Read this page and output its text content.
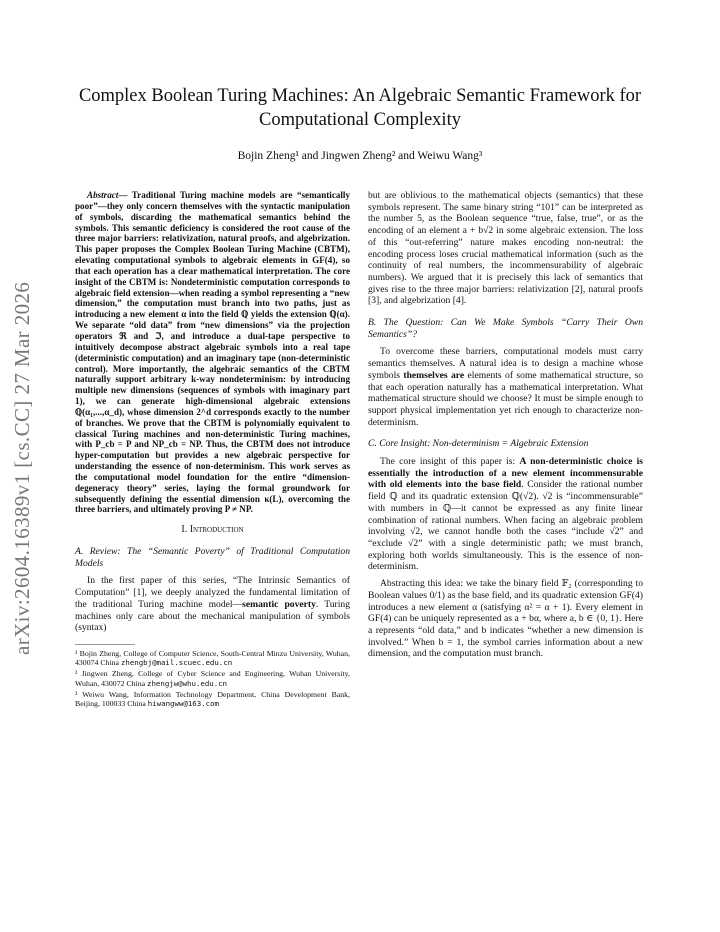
arXiv:2604.16389v1 [cs.CC] 27 Mar 2026
Complex Boolean Turing Machines: An Algebraic Semantic Framework for Computational Complexity
Bojin Zheng¹ and Jingwen Zheng² and Weiwu Wang³

Abstract— Traditional Turing machine models are “semantically poor”—they only concern themselves with the syntactic manipulation of symbols, discarding the mathematical semantics behind the symbols. This semantic deficiency is considered the root cause of the three major barriers: relativization, natural proofs, and algebrization. This paper proposes the Complex Boolean Turing Machine (CBTM), elevating computational symbols to algebraic elements in GF(4), so that each operation has a clear mathematical interpretation. The core insight of the CBTM is: Nondeterministic computation corresponds to algebraic field extension—when reading a symbol representing a “new dimension,” the computation must branch into two paths, just as introducing a new element α into the field ℚ yields the extension ℚ(α). We separate “old data” from “new dimensions” via the projection operators ℜ and ℑ, and introduce a dual-tape perspective to intuitively decompose abstract algebraic symbols into a real tape (deterministic computation) and an imaginary tape (non-deterministic control). More importantly, the algebraic semantics of the CBTM naturally support arbitrary k-way nondeterminism: by introducing multiple new dimensions (sequences of symbols with imaginary part 1), we can generate high-dimensional algebraic extensions ℚ(α₁,...,α_d), whose dimension 2^d corresponds exactly to the number of branches. We prove that the CBTM is polynomially equivalent to classical Turing machines and non-deterministic Turing machines, with P_cb = P and NP_cb = NP. Thus, the CBTM does not introduce hyper-computation but provides a new algebraic perspective for understanding the essence of non-determinism. This work serves as the computational model foundation for the entire “dimension-degeneracy theory” series, laying the formal groundwork for subsequently defining the essential dimension κ(L), overcoming the three barriers, and ultimately proving P ≠ NP.

I. Introduction
A. Review: The “Semantic Poverty” of Traditional Computation Models

In the first paper of this series, “The Intrinsic Semantics of Computation” [1], we deeply analyzed the fundamental limitation of the traditional Turing machine model—semantic poverty. Turing machines only care about the mechanical manipulation of symbols (syntax)

¹ Bojin Zheng, College of Computer Science, South-Central Minzu University, Wuhan, 430074 China zhengbj@mail.scuec.edu.cn

² Jingwen Zheng, College of Cyber Science and Engineering, Wuhan University, Wuhan, 430072 China zhengjw@whu.edu.cn

³ Weiwu Wang, Information Technology Department, China Development Bank, Beijing, 100033 China hiwangww@163.com

but are oblivious to the mathematical objects (semantics) that these symbols represent. The same binary string “101” can be interpreted as the number 5, as the Boolean sequence “true, false, true”, or as the encoding of an element a + b√2 in some algebraic extension. The loss of this “out-referring” nature makes encoding non-neutral: the encoding process loses crucial mathematical information (such as the continuity of real numbers, the incommensurability of algebraic numbers). We argued that it is precisely this lack of semantics that gives rise to the three major barriers: relativization [2], natural proofs [3], and algebrization [4].

B. The Question: Can We Make Symbols “Carry Their Own Semantics”?

To overcome these barriers, computational models must carry semantics themselves. A natural idea is to design a machine whose symbols themselves are elements of some mathematical structure, so that each operation naturally has a mathematical interpretation. What mathematical structure should we choose? It must be simple enough to support physical implementation yet rich enough to characterize non-determinism.

C. Core Insight: Non-determinism = Algebraic Extension

The core insight of this paper is: A non-deterministic choice is essentially the introduction of a new element incommensurable with old elements into the base field. Consider the rational number field ℚ and its quadratic extension ℚ(√2). √2 is “incommensurable” with numbers in ℚ—it cannot be expressed as any finite linear combination of rational numbers. When facing an algebraic problem involving √2, we cannot handle both the cases “include √2” and “exclude √2” with a single deterministic path; we must branch, exploring both worlds simultaneously. This is the essence of non-determinism.

Abstracting this idea: we take the binary field 𝔽₂ (corresponding to Boolean values 0/1) as the base field, and its quadratic extension GF(4) introduces a new element α (satisfying α² = α + 1). Every element in GF(4) can be uniquely represented as a + bα, where a, b ∈ {0, 1}. Here a represents “old data,” and b indicates “whether a new dimension is involved.” When b = 1, the symbol carries information about a new dimension, and the computation must branch.
